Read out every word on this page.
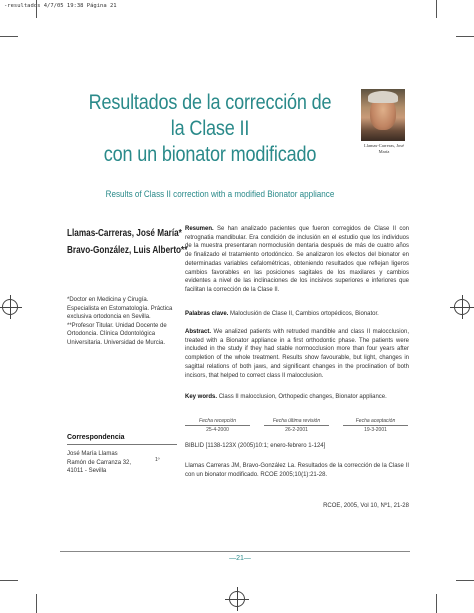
-resultados 4/7/05 19:38 Página 21
Resultados de la corrección de la Clase II
con un bionator modificado	Llamas-Carreras, José
María
Results of Class II correction with a modified Bionator appliance
Llamas-Carreras, José María*
Bravo-González, Luis Alberto**
*Doctor en Medicina y Cirugía. Especialista en Estomatología. Práctica exclusiva ortodoncia en Sevilla.
**Profesor Titular. Unidad Docente de Ortodoncia. Clínica Odontológica Universitaria. Universidad de Murcia.
Resumen. Se han analizado pacientes que fueron corregidos de Clase II con retrognatia mandibular. Era condición de inclusión en el estudio que los individuos de la muestra presentaran normoclusión dentaria después de más de cuatro años de finalizado el tratamiento ortodóncico. Se analizaron los efectos del bionator en determinadas variables cefalométricas, obteniendo resultados que reflejan ligeros cambios favorables en las posiciones sagitales de los maxilares y cambios evidentes a nivel de las inclinaciones de los incisivos superiores e inferiores que facilitan la corrección de la Clase II.
Palabras clave. Maloclusión de Clase II, Cambios ortopédicos, Bionator.
Abstract. We analized patients with retruded mandible and class II malocclusion, treated with a Bionator appliance in a first orthodontic phase. The patients were included in the study if they had stable normocclusion more than four years after completion of the whole treatment. Results show favourable, but light, changes in sagittal relations of both jaws, and significant changes in the proclination of both incisors, that helped to correct class II malocclusion.
Key words. Class II malocclusion, Orthopedic changes, Bionator appliance.
Fecha recepción
25-4-2000
Fecha última revisión
26-2-2001
Fecha aceptación
19-3-2001
BIBLID [1138-123X (2005)10:1; enero-febrero 1-124]
Llamas Carreras JM, Bravo-González La. Resultados de la corrección de la Clase II con un bionator modificado. RCOE 2005;10(1):21-28.
RCOE, 2005, Vol 10, Nº1, 21-28
Correspondencia
José María Llamas
Ramón de Carranza 32,
41011 - Sevilla
1º
—21—
